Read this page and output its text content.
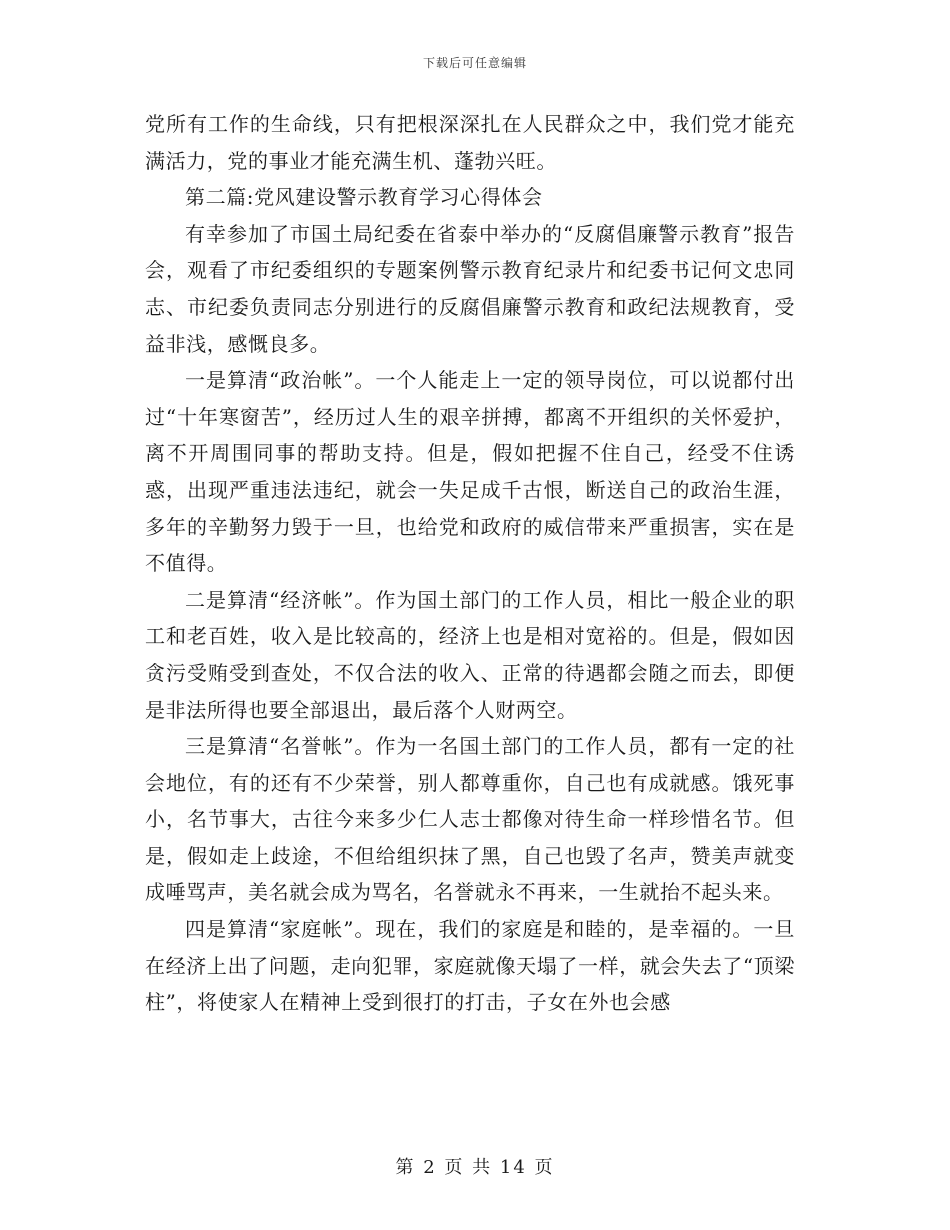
下载后可任意编辑

党所有工作的生命线，只有把根深深扎在人民群众之中，我们党才能充满活力，党的事业才能充满生机、蓬勃兴旺。

第二篇:党风建设警示教育学习心得体会

有幸参加了市国土局纪委在省泰中举办的“反腐倡廉警示教育”报告会，观看了市纪委组织的专题案例警示教育纪录片和纪委书记何文忠同志、市纪委负责同志分别进行的反腐倡廉警示教育和政纪法规教育，受益非浅，感慨良多。

一是算清“政治帐”。一个人能走上一定的领导岗位，可以说都付出过“十年寒窗苦”，经历过人生的艰辛拼搏，都离不开组织的关怀爱护，离不开周围同事的帮助支持。但是，假如把握不住自己，经受不住诱惑，出现严重违法违纪，就会一失足成千古恨，断送自己的政治生涯，多年的辛勤努力毁于一旦，也给党和政府的威信带来严重损害，实在是不值得。

二是算清“经济帐”。作为国土部门的工作人员，相比一般企业的职工和老百姓，收入是比较高的，经济上也是相对宽裕的。但是，假如因贪污受贿受到查处，不仅合法的收入、正常的待遇都会随之而去，即便是非法所得也要全部退出，最后落个人财两空。

三是算清“名誉帐”。作为一名国土部门的工作人员，都有一定的社会地位，有的还有不少荣誉，别人都尊重你，自己也有成就感。饿死事小，名节事大，古往今来多少仁人志士都像对待生命一样珍惜名节。但是，假如走上歧途，不但给组织抹了黑，自己也毁了名声，赞美声就变成唾骂声，美名就会成为骂名，名誉就永不再来，一生就抬不起头来。

四是算清“家庭帐”。现在，我们的家庭是和睦的，是幸福的。一旦在经济上出了问题，走向犯罪，家庭就像天塌了一样，就会失去了“顶梁柱”，将使家人在精神上受到很打的打击，子女在外也会感

第 2 页 共 14 页
